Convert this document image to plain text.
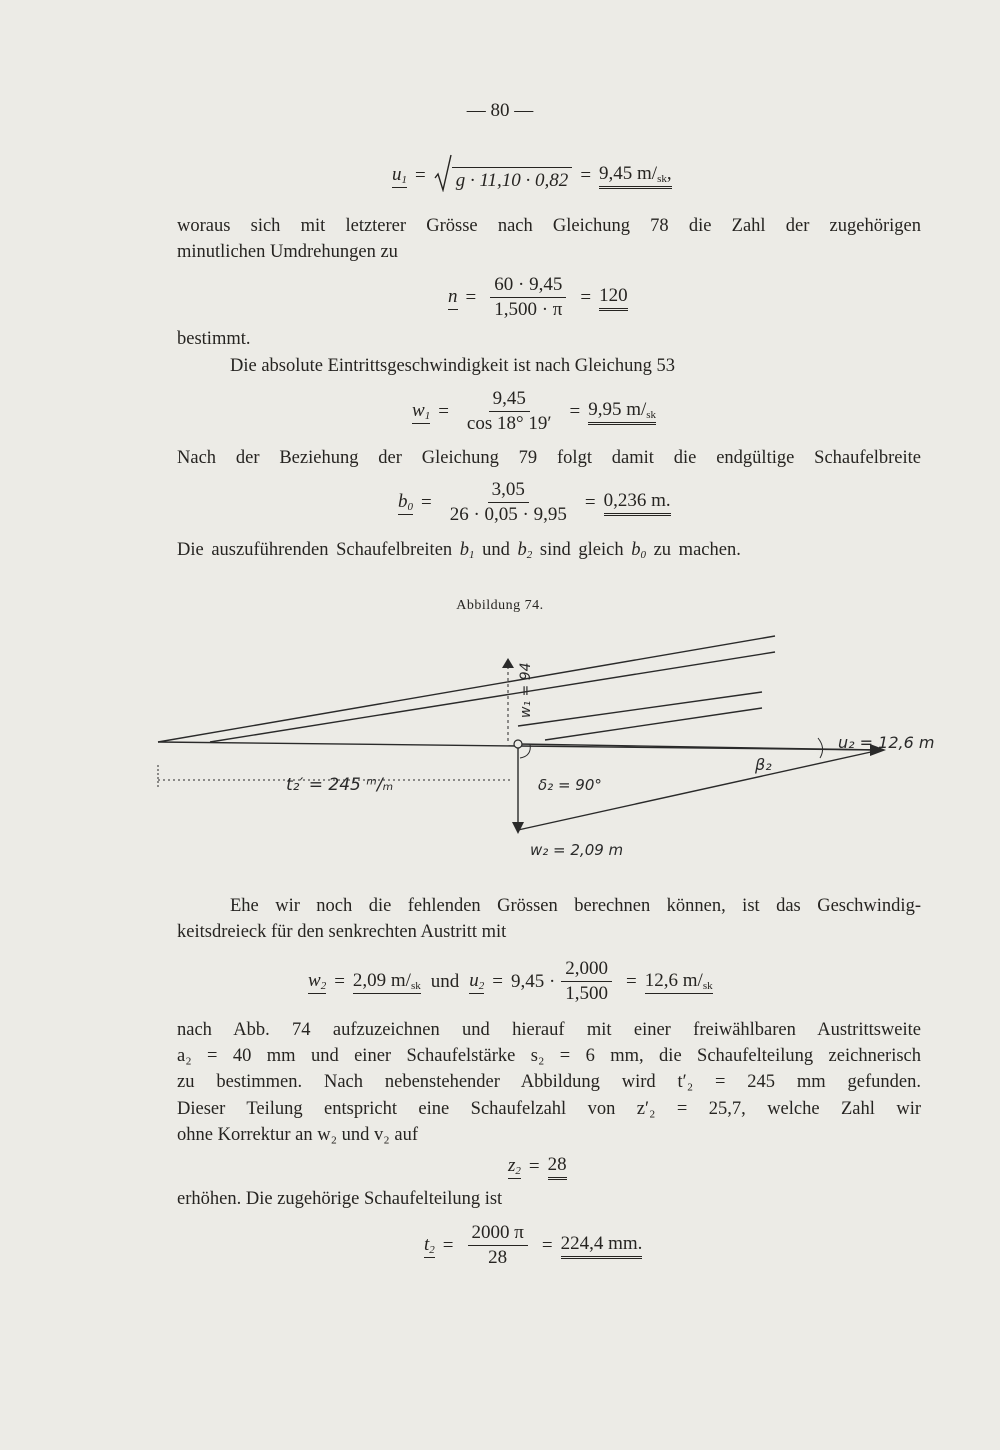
— 80 —
$u_1 = g \cdot 11,10 \cdot 0,82 = 9,45$ m/sk,
woraus sich mit letzterer Grösse nach Gleichung 78 die Zahl der zugehörigen
minutlichen Umdrehungen zu
$n = \frac{60 \cdot 9,45}{1,500 \cdot \pi} = 120$
bestimmt.
Die absolute Eintrittsgeschwindigkeit ist nach Gleichung 53
$w_1 = \frac{9,45}{\cos 18^\circ 19'} = 9,95$ m/sk
Nach der Beziehung der Gleichung 79 folgt damit die endgültige Schaufelbreite
$b_0 = \frac{3,05}{26 \cdot 0,05 \cdot 9,95} = 0,236$ m.
Die auszuführenden Schaufelbreiten $b_1$ und $b_2$ sind gleich $b_0$ zu machen.
Abbildung 74.
t₂′ = 245 ᵐ/ₘ
w₁ = 94
u₂ = 12,6 m
β₂
δ₂ = 90°
w₂ = 2,09 m
Ehe wir noch die fehlenden Grössen berechnen können, ist das Geschwindig-
keitsdreieck für den senkrechten Austritt mit
$w_2 = 2,09$ m/sk und $u_2 = 9,45 \cdot \frac{2,000}{1,500} = 12,6$ m/sk
nach Abb. 74 aufzuzeichnen und hierauf mit einer freiwählbaren Austrittsweite
a₂ = 40 mm und einer Schaufelstärke s₂ = 6 mm, die Schaufelteilung zeichnerisch
zu bestimmen. Nach nebenstehender Abbildung wird t′₂ = 245 mm gefunden.
Dieser Teilung entspricht eine Schaufelzahl von z′₂ = 25,7, welche Zahl wir
ohne Korrektur an w₂ und v₂ auf
$z_2 = 28$
erhöhen. Die zugehörige Schaufelteilung ist
$t_2 = \frac{2000 \pi}{28} = 224,4$ mm.
